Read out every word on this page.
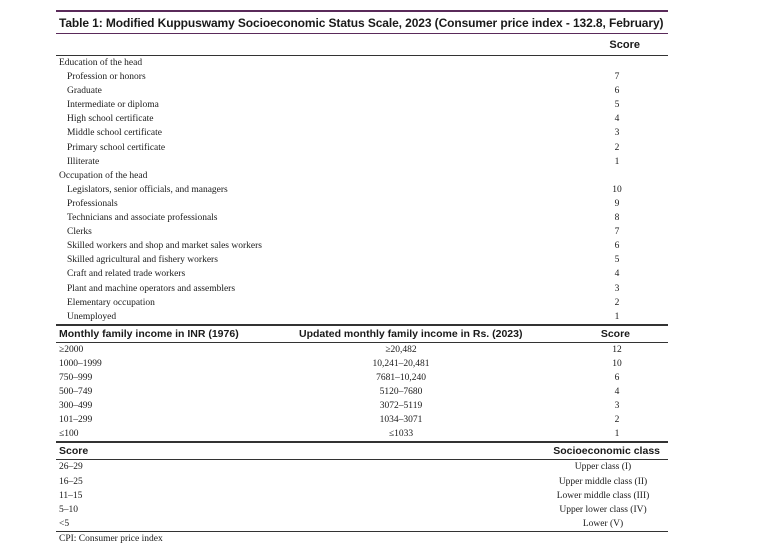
Table 1: Modified Kuppuswamy Socioeconomic Status Scale, 2023 (Consumer price index - 132.8, February)
Score
Education of the head
Profession or honors	7
Graduate	6
Intermediate or diploma	5
High school certificate	4
Middle school certificate	3
Primary school certificate	2
Illiterate	1
Occupation of the head
Legislators, senior officials, and managers	10
Professionals	9
Technicians and associate professionals	8
Clerks	7
Skilled workers and shop and market sales workers	6
Skilled agricultural and fishery workers	5
Craft and related trade workers	4
Plant and machine operators and assemblers	3
Elementary occupation	2
Unemployed	1
Monthly family income in INR (1976)	Updated monthly family income in Rs. (2023)	Score
≥2000	≥20,482	12
1000–1999	10,241–20,481	10
750–999	7681–10,240	6
500–749	5120–7680	4
300–499	3072–5119	3
101–299	1034–3071	2
≤100	≤1033	1
Score	Socioeconomic class
26–29	Upper class (I)
16–25	Upper middle class (II)
11–15	Lower middle class (III)
5–10	Upper lower class (IV)
<5	Lower (V)
CPI: Consumer price index
